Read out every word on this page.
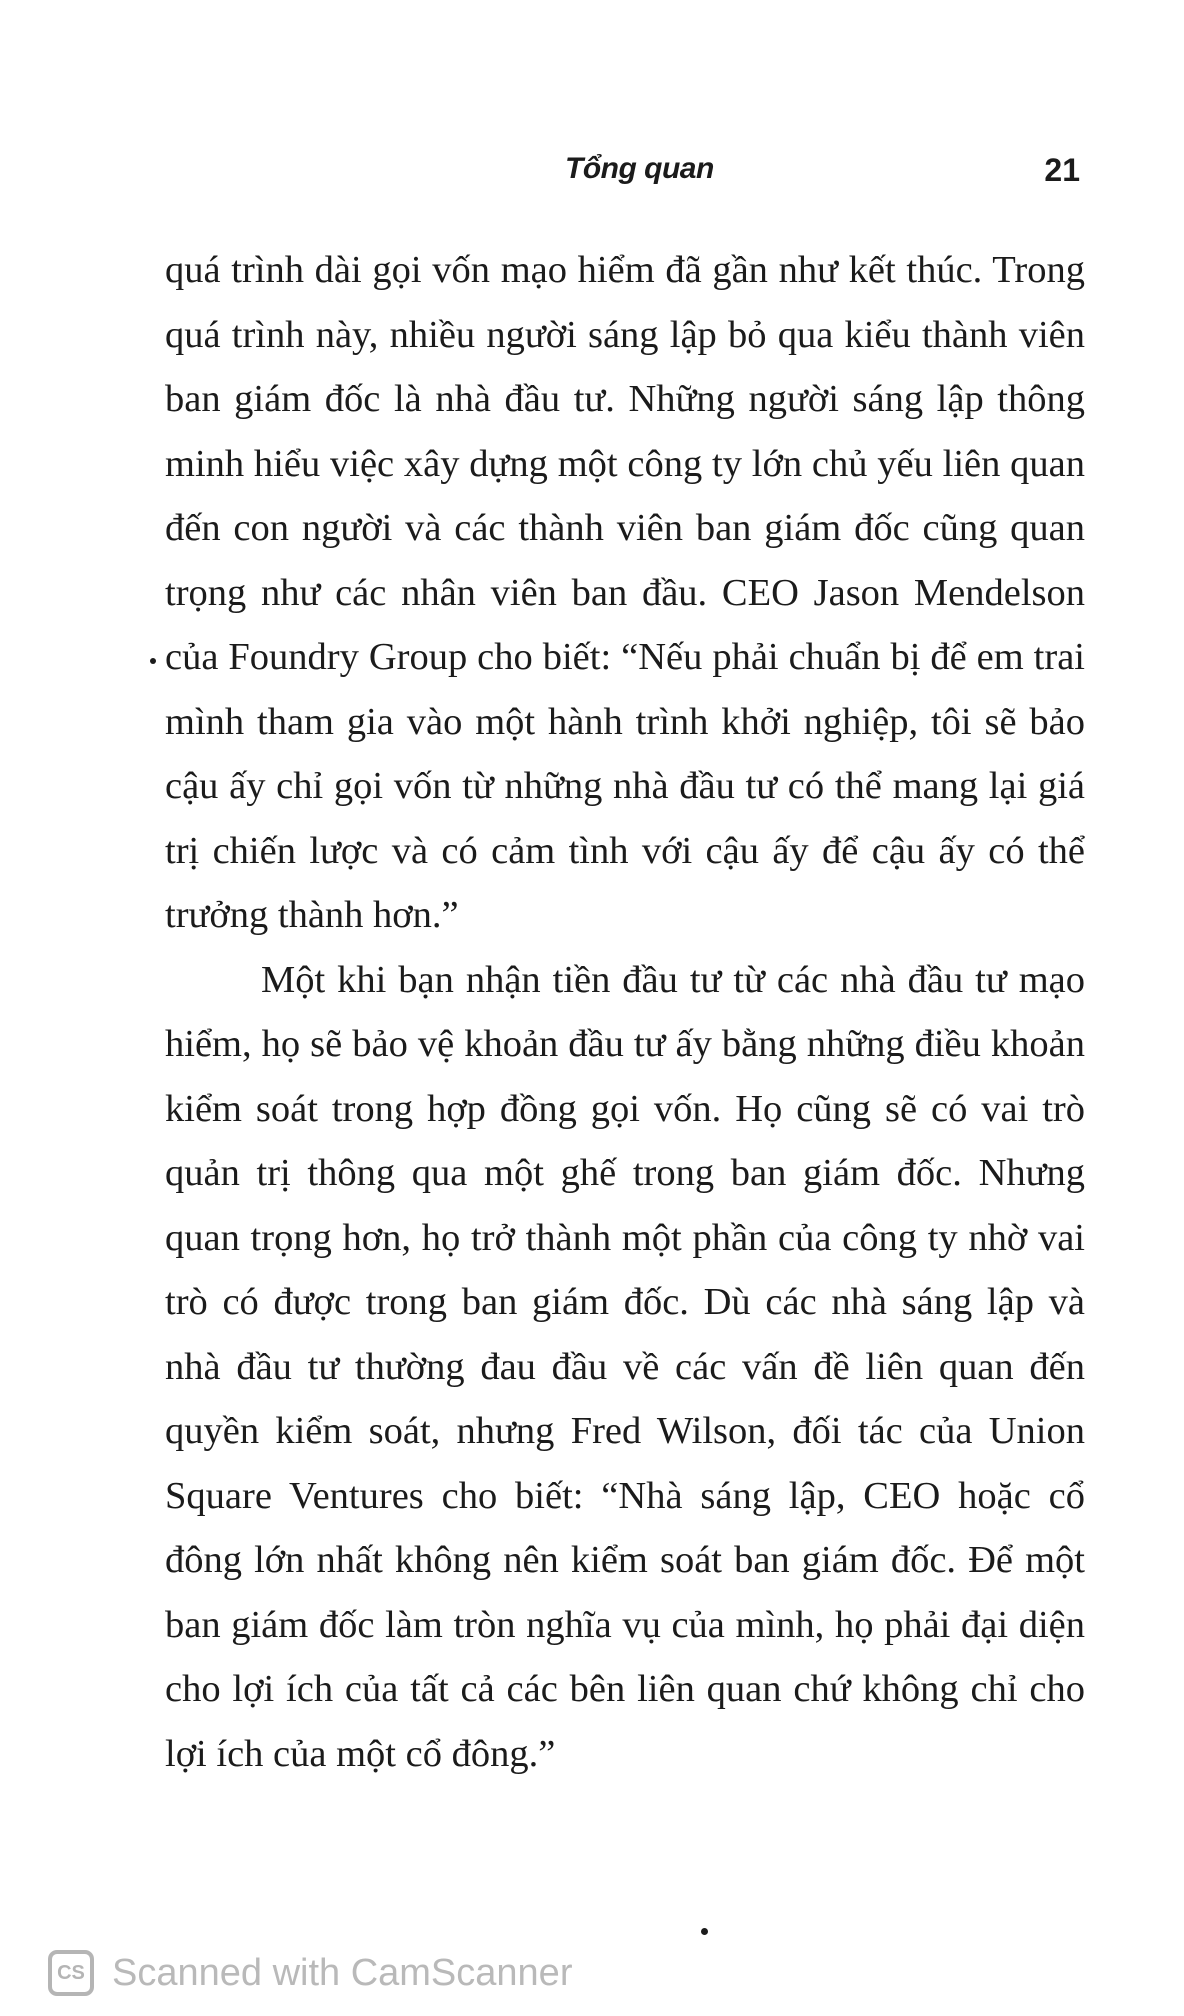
Tổng quan	21

quá trình dài gọi vốn mạo hiểm đã gần như kết thúc. Trong quá trình này, nhiều người sáng lập bỏ qua kiểu thành viên ban giám đốc là nhà đầu tư. Những người sáng lập thông minh hiểu việc xây dựng một công ty lớn chủ yếu liên quan đến con người và các thành viên ban giám đốc cũng quan trọng như các nhân viên ban đầu. CEO Jason Mendelson của Foundry Group cho biết: “Nếu phải chuẩn bị để em trai mình tham gia vào một hành trình khởi nghiệp, tôi sẽ bảo cậu ấy chỉ gọi vốn từ những nhà đầu tư có thể mang lại giá trị chiến lược và có cảm tình với cậu ấy để cậu ấy có thể trưởng thành hơn.”

Một khi bạn nhận tiền đầu tư từ các nhà đầu tư mạo hiểm, họ sẽ bảo vệ khoản đầu tư ấy bằng những điều khoản kiểm soát trong hợp đồng gọi vốn. Họ cũng sẽ có vai trò quản trị thông qua một ghế trong ban giám đốc. Nhưng quan trọng hơn, họ trở thành một phần của công ty nhờ vai trò có được trong ban giám đốc. Dù các nhà sáng lập và nhà đầu tư thường đau đầu về các vấn đề liên quan đến quyền kiểm soát, nhưng Fred Wilson, đối tác của Union Square Ventures cho biết: “Nhà sáng lập, CEO hoặc cổ đông lớn nhất không nên kiểm soát ban giám đốc. Để một ban giám đốc làm tròn nghĩa vụ của mình, họ phải đại diện cho lợi ích của tất cả các bên liên quan chứ không chỉ cho lợi ích của một cổ đông.”

CS Scanned with CamScanner
